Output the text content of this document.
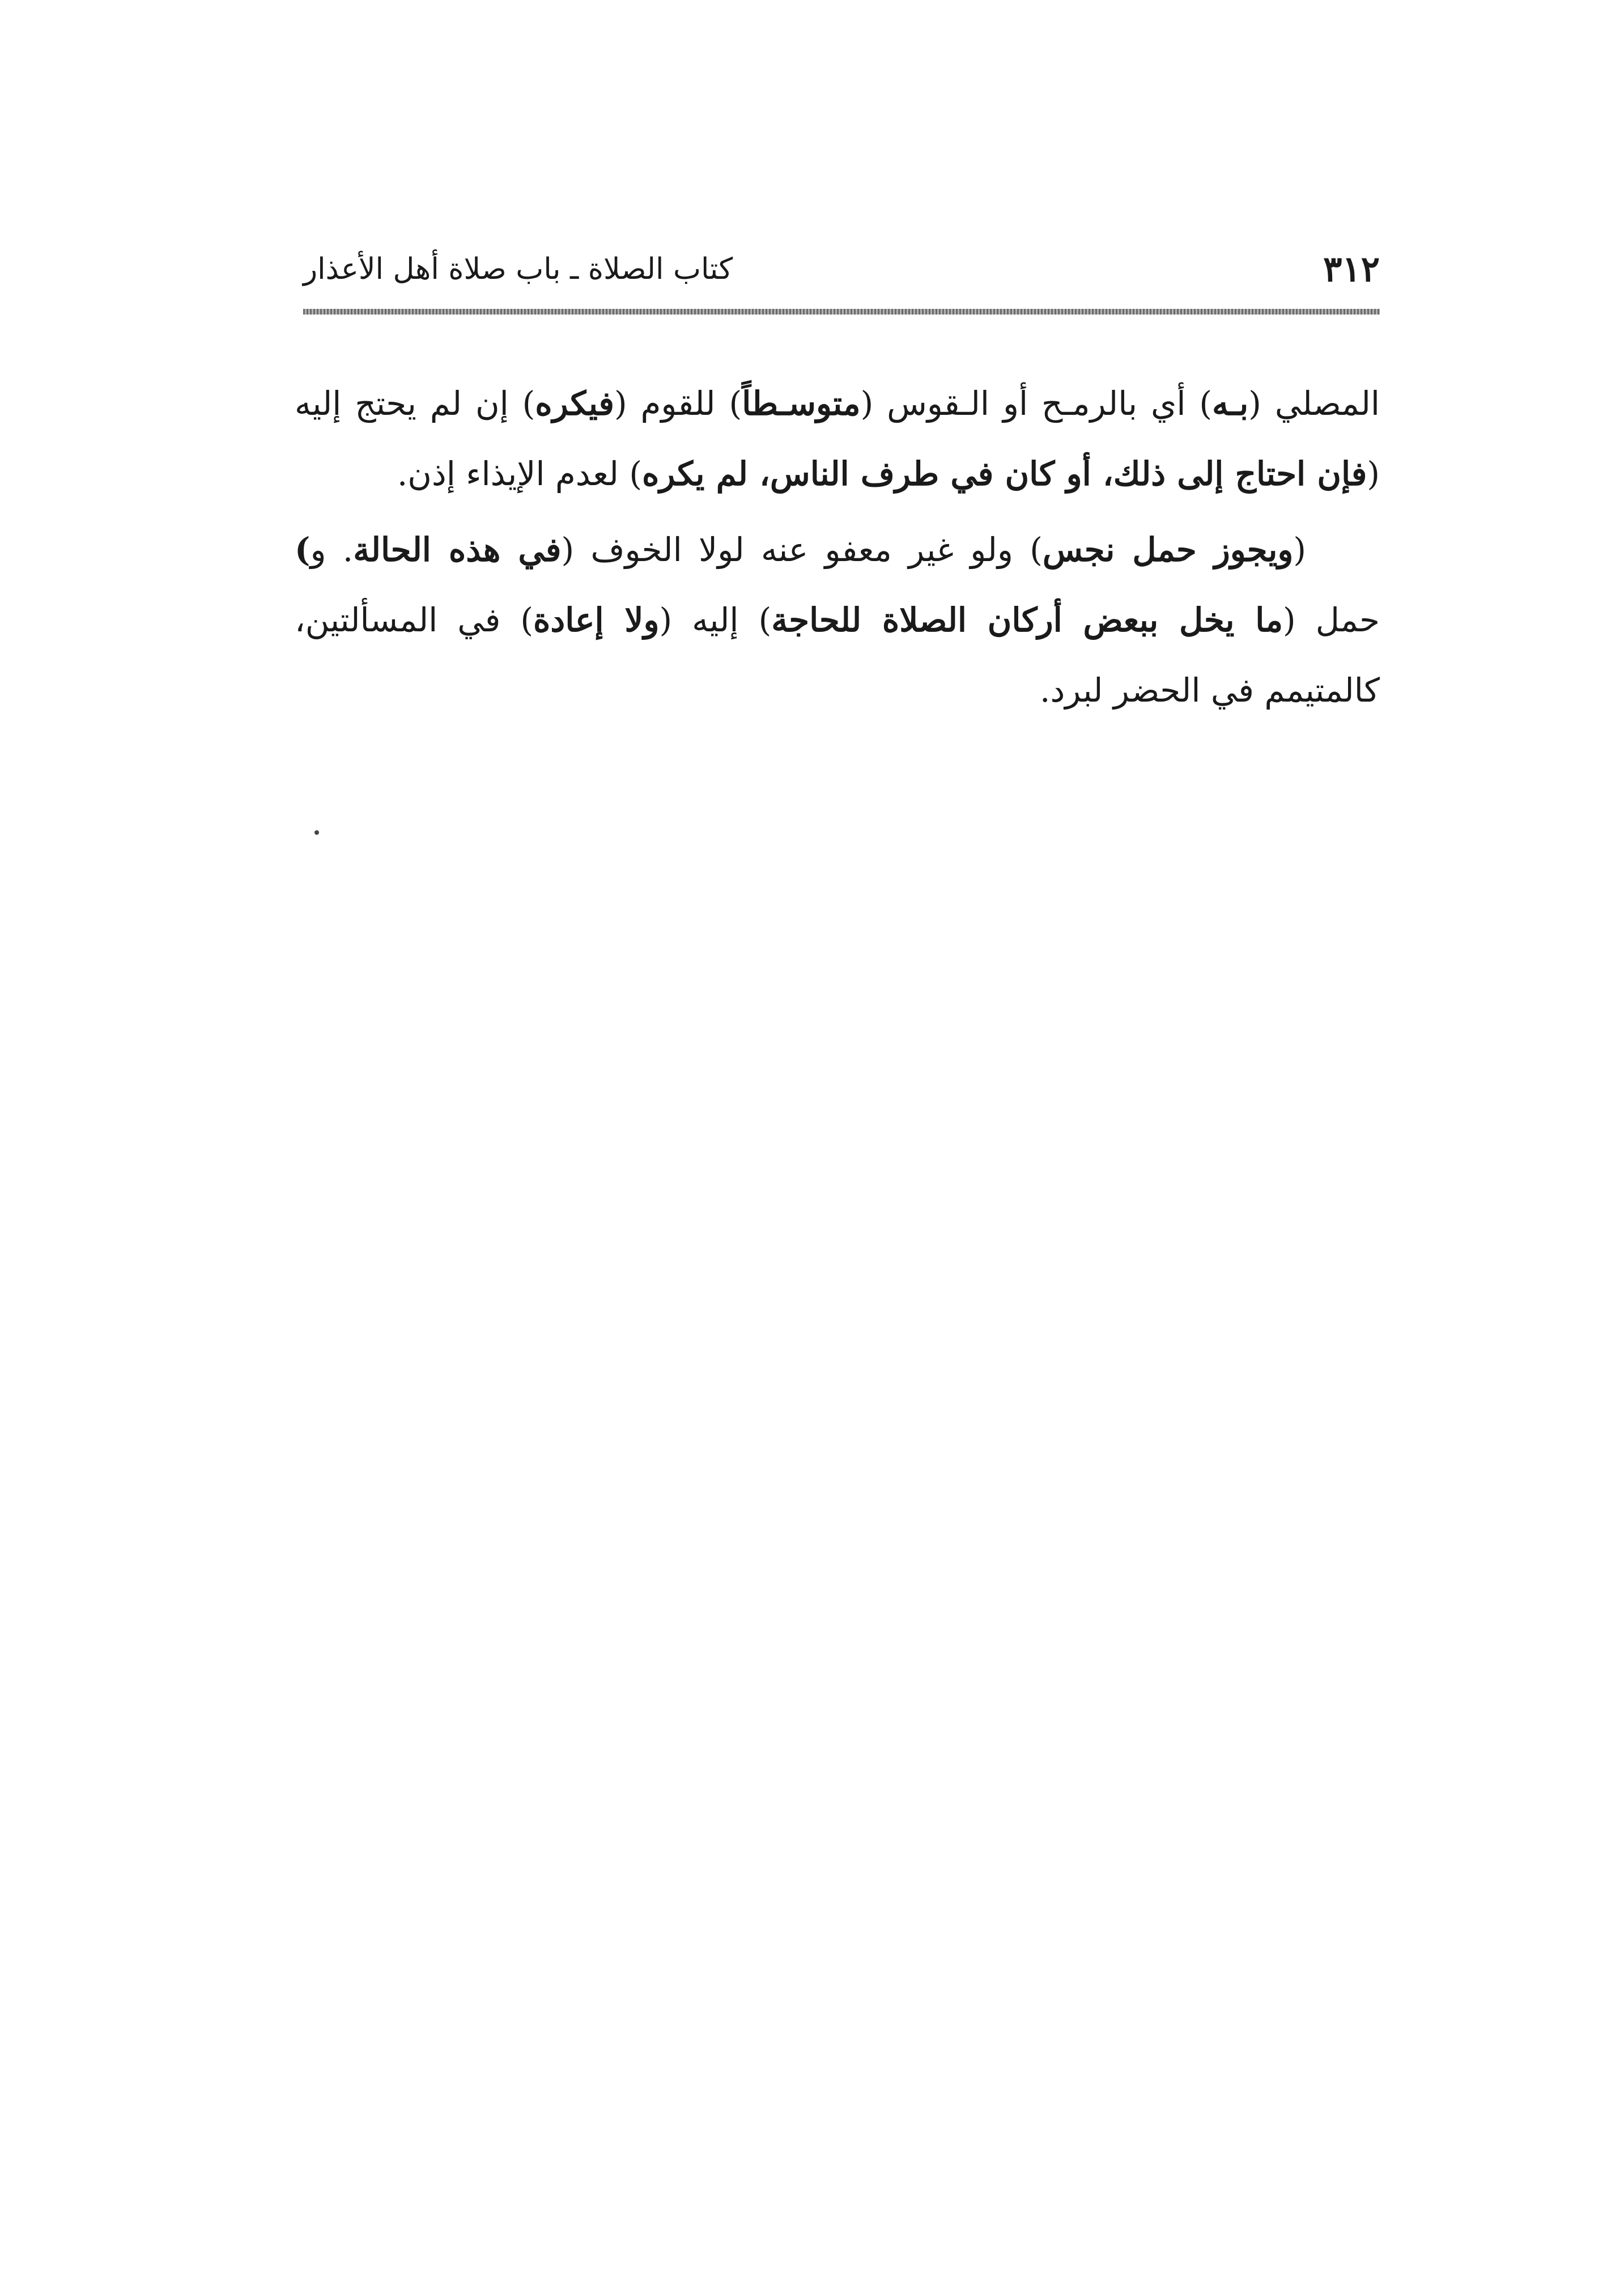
٣١٢
كتاب الصلاة ـ باب صلاة أهل الأعذار

المصلي (بـه) أي بالرمـح أو الـقوس (متوسـطاً) للقوم (فيكره) إن لم يحتج إليه (فإن احتاج إلى ذلك، أو كان في طرف الناس، لم يكره) لعدم الإيذاء إذن.

(ويجوز حمل نجس) ولو غير معفو عنه لولا الخوف (في هذه الحالة. و) حمل (ما يخل ببعض أركان الصلاة للحاجة) إليه (ولا إعادة) في المسألتين، كالمتيمم في الحضر لبرد.
